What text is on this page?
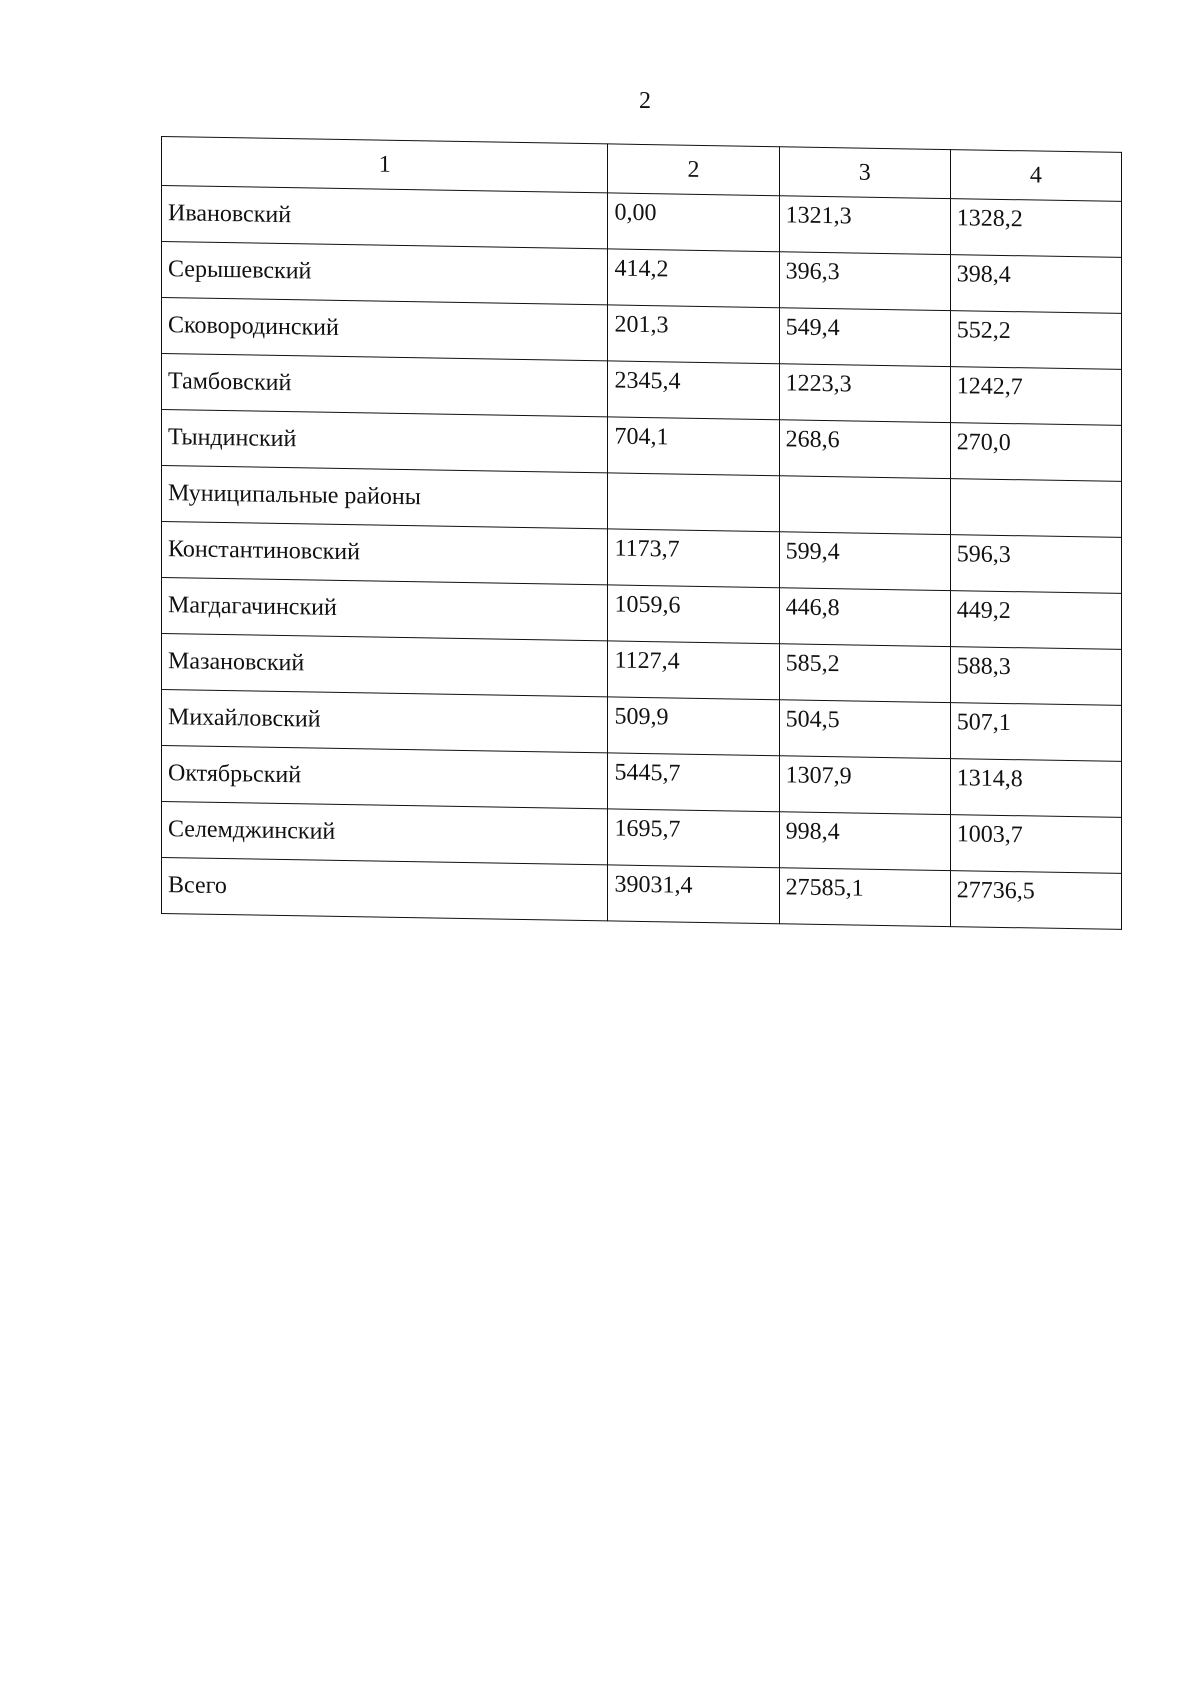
2
1	2	3	4
Ивановский	0,00	1321,3	1328,2
Серышевский	414,2	396,3	398,4
Сковородинский	201,3	549,4	552,2
Тамбовский	2345,4	1223,3	1242,7
Тындинский	704,1	268,6	270,0
Муниципальные районы			
Константиновский	1173,7	599,4	596,3
Магдагачинский	1059,6	446,8	449,2
Мазановский	1127,4	585,2	588,3
Михайловский	509,9	504,5	507,1
Октябрьский	5445,7	1307,9	1314,8
Селемджинский	1695,7	998,4	1003,7
Всего	39031,4	27585,1	27736,5
